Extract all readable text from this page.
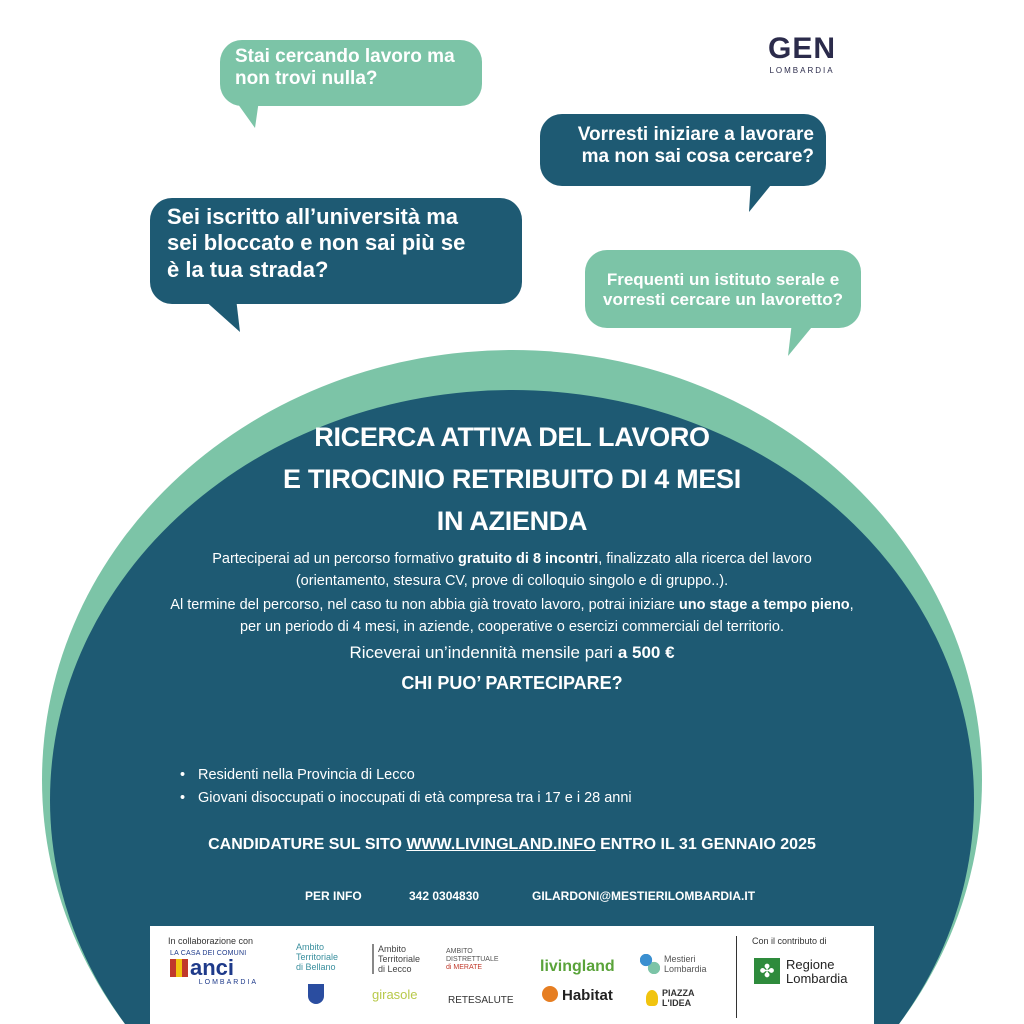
GEN
LOMBARDIA
Stai cercando lavoro ma
non trovi nulla?
Vorresti iniziare a lavorare
ma non sai cosa cercare?
Sei iscritto all’università ma
sei bloccato e non sai più se
è la tua strada?	Frequenti un istituto serale e
vorresti cercare un lavoretto?
RICERCA ATTIVA DEL LAVORO
E TIROCINIO RETRIBUITO DI 4 MESI
IN AZIENDA
Parteciperai ad un percorso formativo gratuito di 8 incontri, finalizzato alla ricerca del lavoro
(orientamento, stesura CV, prove di colloquio singolo e di gruppo..).
Al termine del percorso, nel caso tu non abbia già trovato lavoro, potrai iniziare uno stage a tempo pieno, per un periodo di 4 mesi, in aziende, cooperative o esercizi commerciali del territorio.
Riceverai un’indennità mensile pari a 500 €
CHI PUO’ PARTECIPARE?
• Residenti nella Provincia di Lecco
• Giovani disoccupati o inoccupati di età compresa tra i 17 e i 28 anni
CANDIDATURE SUL SITO WWW.LIVINGLAND.INFO ENTRO IL 31 GENNAIO 2025
PER INFO	342 0304830	GILARDONI@MESTIERILOMBARDIA.IT
In collaborazione con
LA CASA DEI COMUNI
anci
LOMBARDIA
Ambito
Territoriale
di Bellano
Ambito
Territoriale
di Lecco
girasole
AMBITO
DISTRETTUALE
di MERATE
RETESALUTE
livingland
Habitat
Mestieri
Lombardia
PIAZZA
L'IDEA
Con il contributo di
✤ Regione
Lombardia
